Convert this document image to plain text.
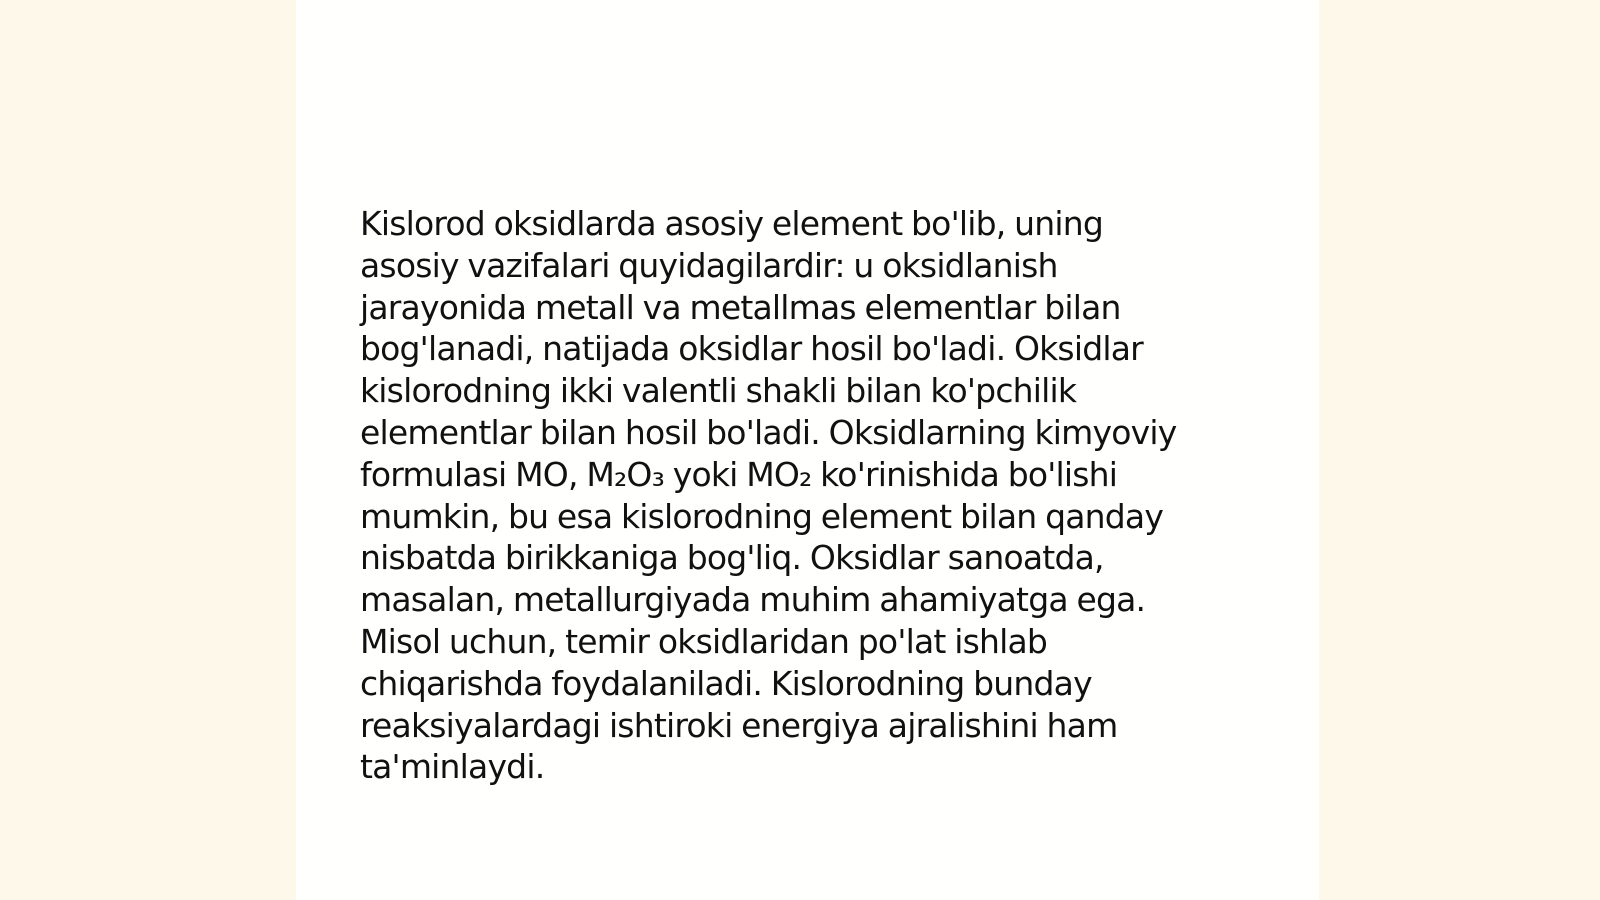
Kislorod oksidlarda asosiy element bo'lib, uning
asosiy vazifalari quyidagilardir: u oksidlanish
jarayonida metall va metallmas elementlar bilan
bog'lanadi, natijada oksidlar hosil bo'ladi. Oksidlar
kislorodning ikki valentli shakli bilan ko'pchilik
elementlar bilan hosil bo'ladi. Oksidlarning kimyoviy
formulasi MO, M₂O₃ yoki MO₂ ko'rinishida bo'lishi
mumkin, bu esa kislorodning element bilan qanday
nisbatda birikkaniga bog'liq. Oksidlar sanoatda,
masalan, metallurgiyada muhim ahamiyatga ega.
Misol uchun, temir oksidlaridan po'lat ishlab
chiqarishda foydalaniladi. Kislorodning bunday
reaksiyalardagi ishtiroki energiya ajralishini ham
ta'minlaydi.
